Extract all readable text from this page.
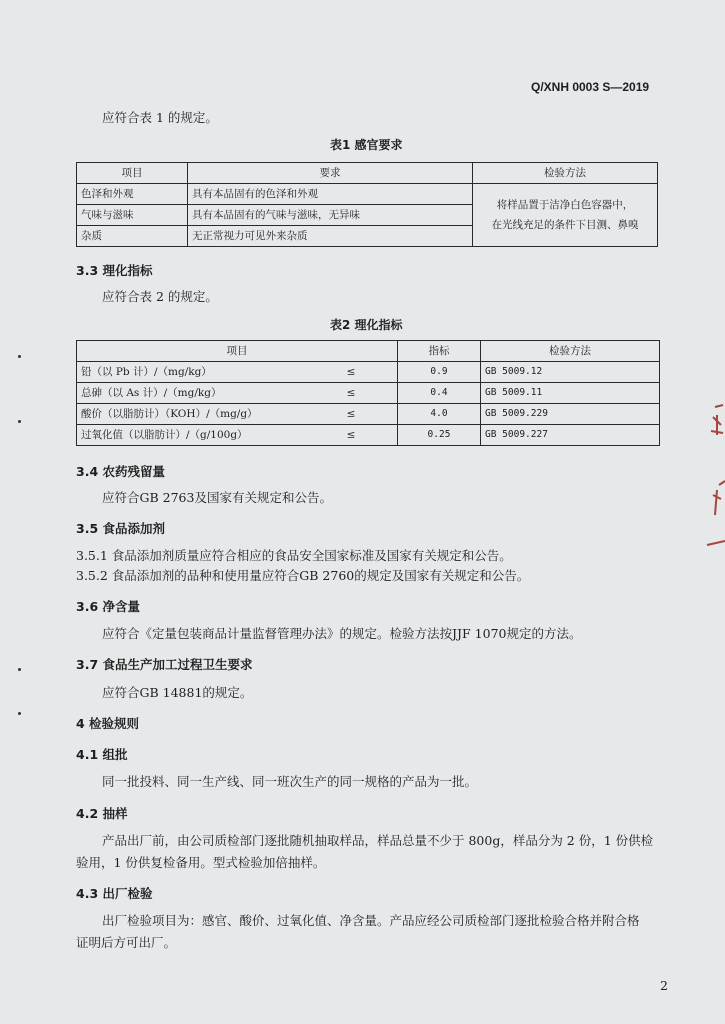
Q/XNH 0003 S—2019
应符合表 1 的规定。
表1 感官要求
项目	要求	检验方法
色泽和外观	具有本品固有的色泽和外观	将样品置于洁净白色容器中，
在光线充足的条件下目测、鼻嗅

气味与滋味	具有本品固有的气味与滋味，无异味	
杂质	无正常视力可见外来杂质	
3.3 理化指标
应符合表 2 的规定。
表2 理化指标
项目		指标	检验方法
铅（以 Pb 计）/（mg/kg）	≤	0.9	GB 5009.12
总砷（以 As 计）/（mg/kg）	≤	0.4	GB 5009.11
酸价（以脂肪计）（KOH）/（mg/g）	≤	4.0	GB 5009.229
过氧化值（以脂肪计）/（g/100g）	≤	0.25	GB 5009.227
3.4 农药残留量
应符合GB 2763及国家有关规定和公告。
3.5 食品添加剂
3.5.1 食品添加剂质量应符合相应的食品安全国家标准及国家有关规定和公告。
3.5.2 食品添加剂的品种和使用量应符合GB 2760的规定及国家有关规定和公告。
3.6 净含量
应符合《定量包装商品计量监督管理办法》的规定。检验方法按JJF 1070规定的方法。
3.7 食品生产加工过程卫生要求
应符合GB 14881的规定。
4 检验规则
4.1 组批
同一批投料、同一生产线、同一班次生产的同一规格的产品为一批。
4.2 抽样
产品出厂前，由公司质检部门逐批随机抽取样品，样品总量不少于 800g，样品分为 2 份，1 份供检
验用，1 份供复检备用。型式检验加倍抽样。
4.3 出厂检验
出厂检验项目为：感官、酸价、过氧化值、净含量。产品应经公司质检部门逐批检验合格并附合格
证明后方可出厂。
2
